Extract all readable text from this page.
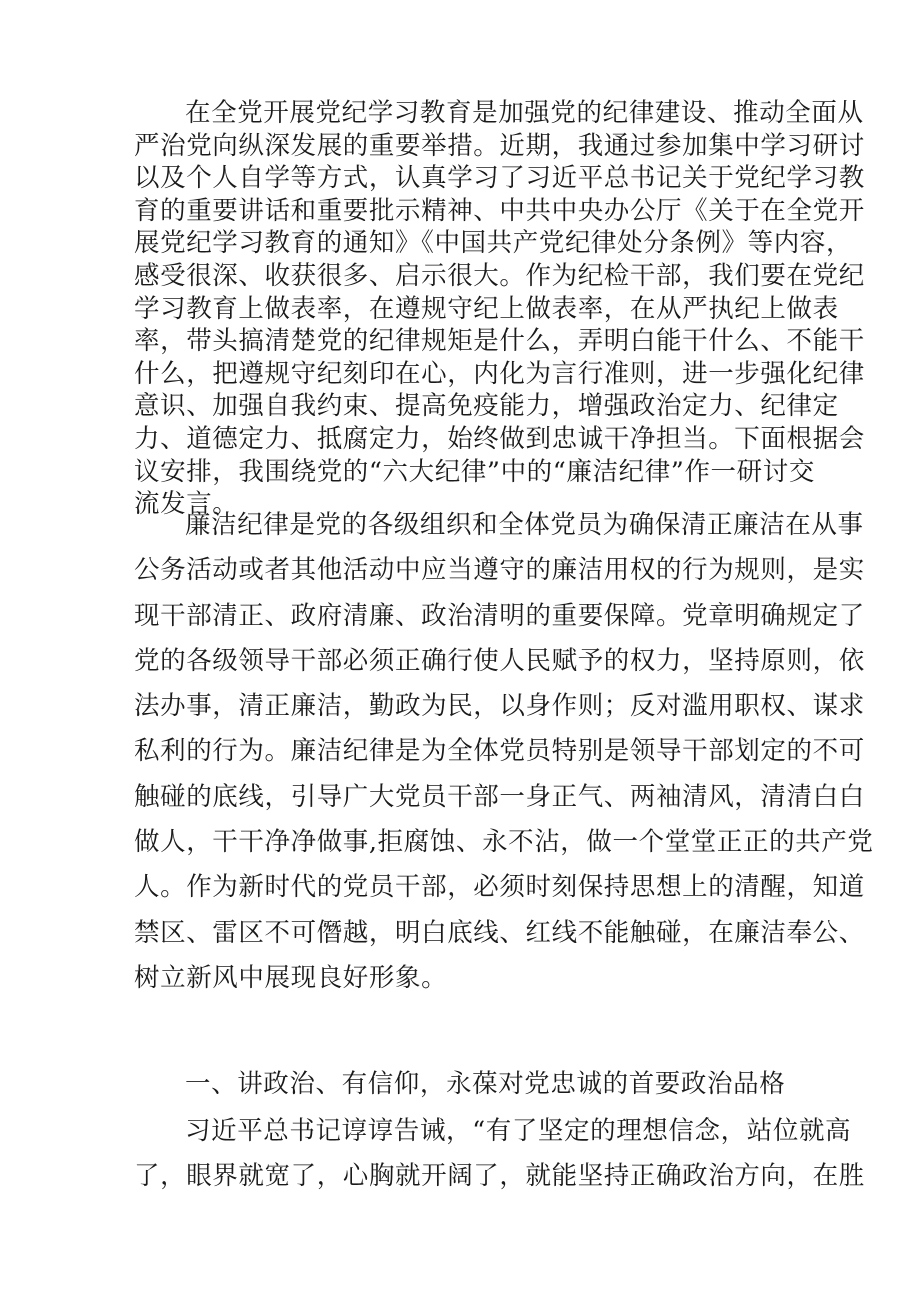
在全党开展党纪学习教育是加强党的纪律建设、推动全面从
严治党向纵深发展的重要举措。近期，我通过参加集中学习研讨
以及个人自学等方式，认真学习了习近平总书记关于党纪学习教
育的重要讲话和重要批示精神、中共中央办公厅《关于在全党开
展党纪学习教育的通知》《中国共产党纪律处分条例》等内容，
感受很深、收获很多、启示很大。作为纪检干部，我们要在党纪
学习教育上做表率，在遵规守纪上做表率，在从严执纪上做表
率，带头搞清楚党的纪律规矩是什么，弄明白能干什么、不能干
什么，把遵规守纪刻印在心，内化为言行准则，进一步强化纪律
意识、加强自我约束、提高免疫能力，增强政治定力、纪律定
力、道德定力、抵腐定力，始终做到忠诚干净担当。下面根据会
议安排，我围绕党的“六大纪律”中的“廉洁纪律”作一研讨交
流发言。
廉洁纪律是党的各级组织和全体党员为确保清正廉洁在从事
公务活动或者其他活动中应当遵守的廉洁用权的行为规则，是实
现干部清正、政府清廉、政治清明的重要保障。党章明确规定了
党的各级领导干部必须正确行使人民赋予的权力，坚持原则，依
法办事，清正廉洁，勤政为民，以身作则；反对滥用职权、谋求
私利的行为。廉洁纪律是为全体党员特别是领导干部划定的不可
触碰的底线，引导广大党员干部一身正气、两袖清风，清清白白
做人，干干净净做事,拒腐蚀、永不沾，做一个堂堂正正的共产党
人。作为新时代的党员干部，必须时刻保持思想上的清醒，知道
禁区、雷区不可僭越，明白底线、红线不能触碰，在廉洁奉公、
树立新风中展现良好形象。
一、讲政治、有信仰，永葆对党忠诚的首要政治品格
习近平总书记谆谆告诫，“有了坚定的理想信念，站位就高
了，眼界就宽了，心胸就开阔了，就能坚持正确政治方向，在胜
